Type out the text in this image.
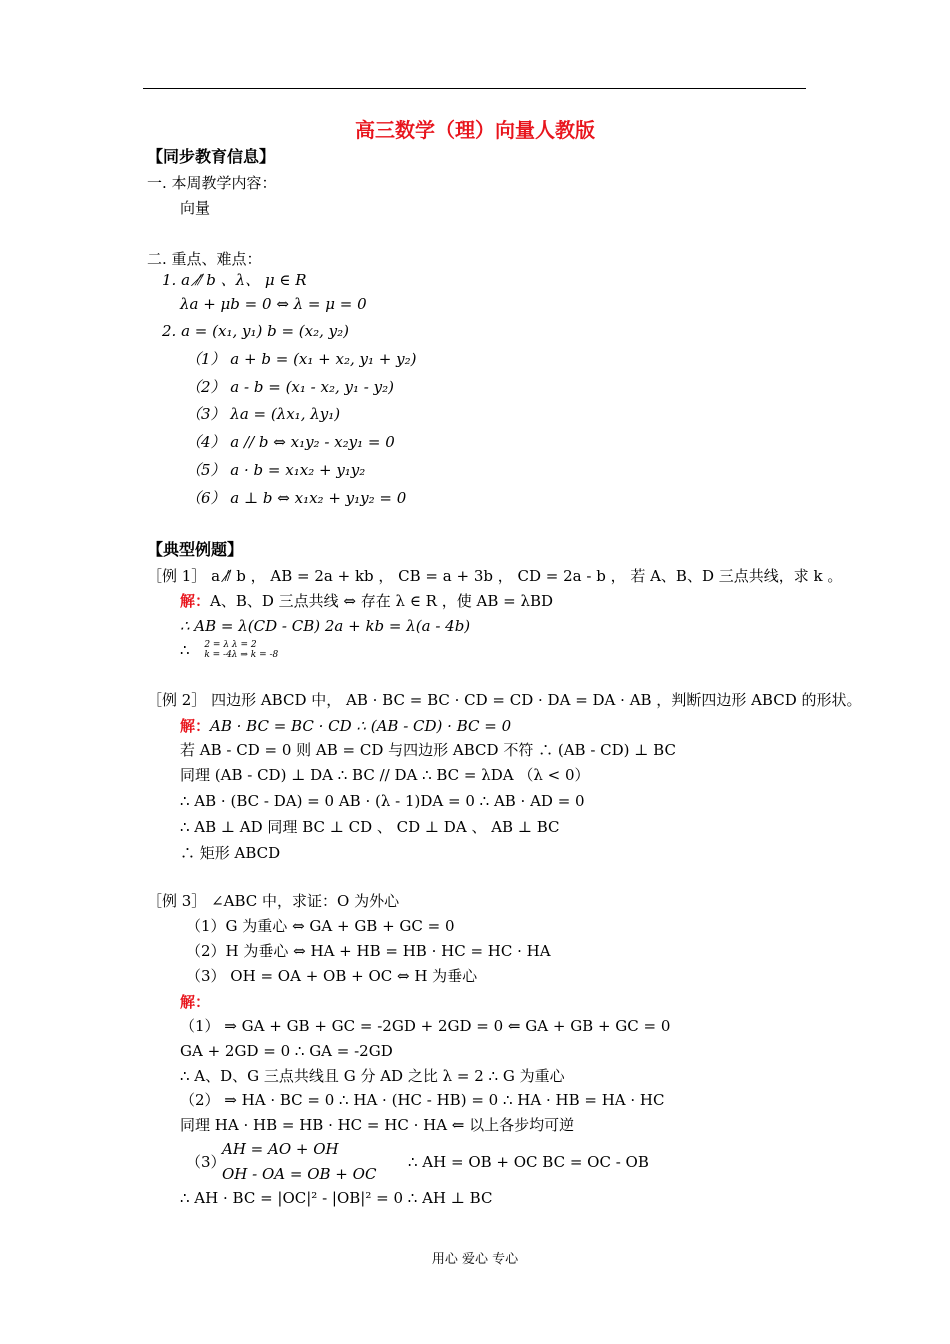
高三数学（理）向量人教版
【同步教育信息】
一. 本周教学内容：
向量
二. 重点、难点：
1. a ⫽̸ b 、λ、 μ ∈ R
λa + μb = 0 ⇔ λ = μ = 0
2. a = (x₁, y₁) b = (x₂, y₂)
（1） a + b = (x₁ + x₂, y₁ + y₂)
（2） a - b = (x₁ - x₂, y₁ - y₂)
（3） λa = (λx₁, λy₁)
（4） a // b ⇔ x₁y₂ - x₂y₁ = 0
（5） a · b = x₁x₂ + y₁y₂
（6） a ⊥ b ⇔ x₁x₂ + y₁y₂ = 0
【典型例题】
［例 1］ a ⫽̸ b ， AB = 2a + kb ， CB = a + 3b ， CD = 2a - b ， 若 A、B、D 三点共线，求 k 。
解：A、B、D 三点共线 ⇔ 存在 λ ∈ R ，使 AB = λBD
∴ AB = λ(CD - CB) 2a + kb = λ(a - 4b)
∴ 2 = λ λ = 2
k = -4λ ⇒ k = -8
［例 2］ 四边形 ABCD 中， AB · BC = BC · CD = CD · DA = DA · AB ，判断四边形 ABCD 的形状。
解：AB · BC = BC · CD ∴ (AB - CD) · BC = 0
若 AB - CD = 0 则 AB = CD 与四边形 ABCD 不符 ∴ (AB - CD) ⊥ BC
同理 (AB - CD) ⊥ DA ∴ BC // DA ∴ BC = λDA （λ < 0）
∴ AB · (BC - DA) = 0 AB · (λ - 1)DA = 0 ∴ AB · AD = 0
∴ AB ⊥ AD 同理 BC ⊥ CD 、 CD ⊥ DA 、 AB ⊥ BC
∴ 矩形 ABCD
［例 3］ ∠ABC 中，求证：O 为外心
（1）G 为重心 ⇔ GA + GB + GC = 0
（2）H 为垂心 ⇔ HA + HB = HB · HC = HC · HA
（3） OH = OA + OB + OC ⇔ H 为垂心
解：
（1） ⇒ GA + GB + GC = -2GD + 2GD = 0 ⇐ GA + GB + GC = 0
GA + 2GD = 0 ∴ GA = -2GD
∴ A、D、G 三点共线且 G 分 AD 之比 λ = 2 ∴ G 为重心
（2） ⇒ HA · BC = 0 ∴ HA · (HC - HB) = 0 ∴ HA · HB = HA · HC
同理 HA · HB = HB · HC = HC · HA ⇐ 以上各步均可逆
AH = AO + OH
（3）
OH - OA = OB + OC
∴ AH = OB + OC BC = OC - OB
∴ AH · BC = |OC|² - |OB|² = 0 ∴ AH ⊥ BC
用心 爱心 专心
